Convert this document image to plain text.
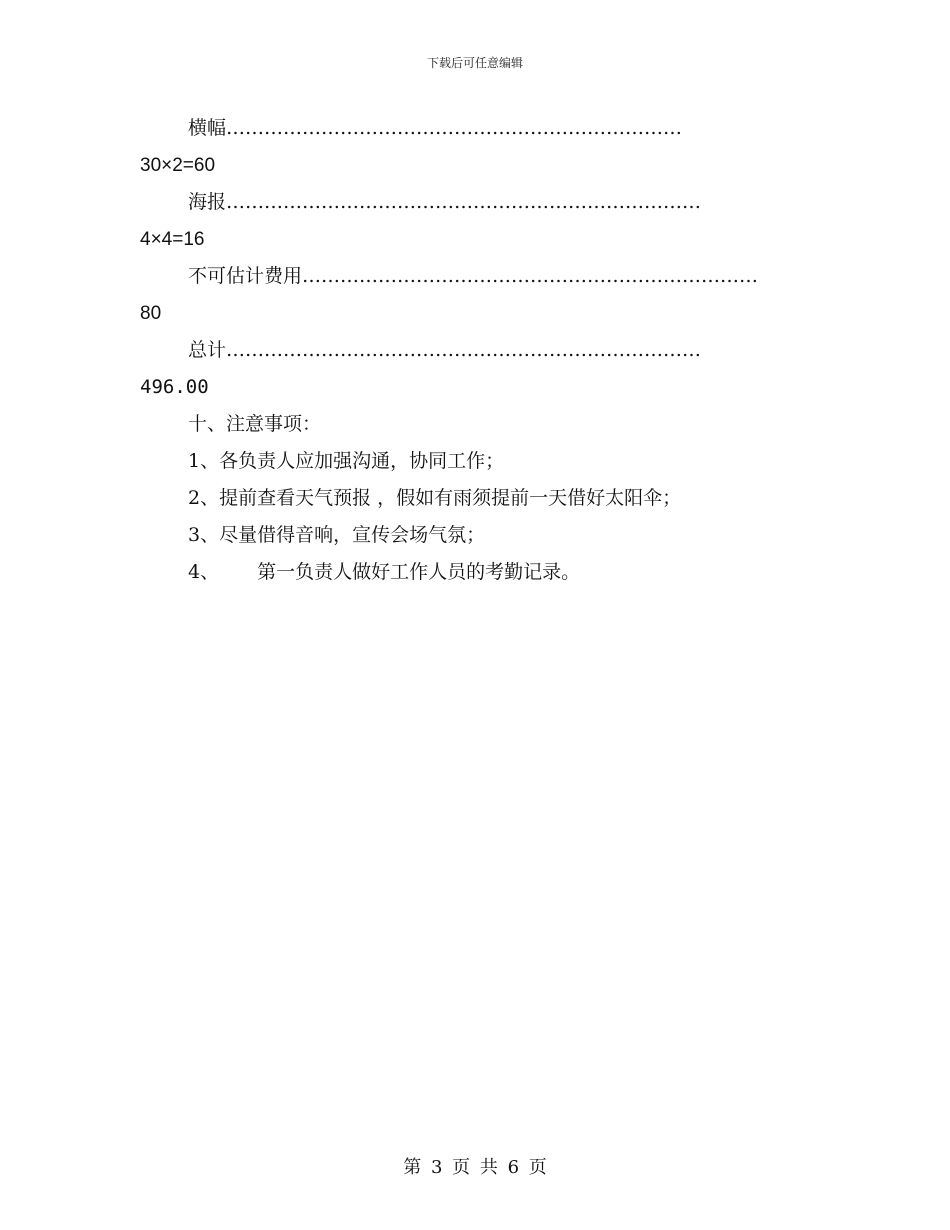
下载后可任意编辑
横幅………………………………………………………………
30×2=60
海报…………………………………………………………………
4×4=16
不可估计费用………………………………………………………………
80
总计…………………………………………………………………
496.00
十、注意事项：
1、各负责人应加强沟通，协同工作；
2、提前查看天气预报 ，假如有雨须提前一天借好太阳伞；
3、尽量借得音响，宣传会场气氛；
4、 第一负责人做好工作人员的考勤记录。
第 3 页 共 6 页
